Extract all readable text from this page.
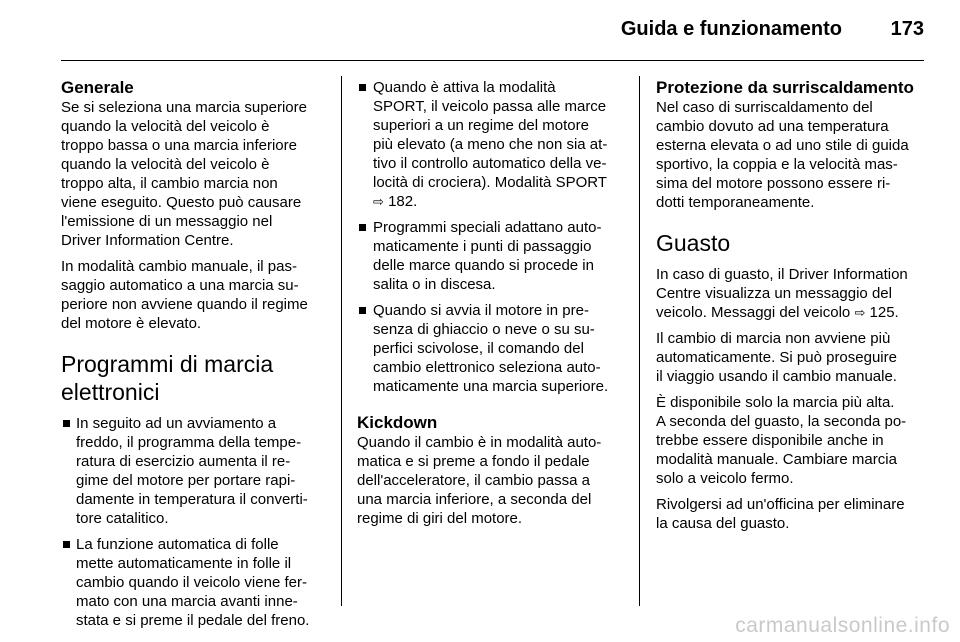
Guida e funzionamento 173
Generale

Se si seleziona una marcia superiore
quando la velocità del veicolo è
troppo bassa o una marcia inferiore
quando la velocità del veicolo è
troppo alta, il cambio marcia non
viene eseguito. Questo può causare
l'emissione di un messaggio nel
Driver Information Centre.

In modalità cambio manuale, il pas-
saggio automatico a una marcia su-
periore non avviene quando il regime
del motore è elevato.

Programmi di marcia
elettronici
In seguito ad un avviamento a
freddo, il programma della tempe-
ratura di esercizio aumenta il re-
gime del motore per portare rapi-
damente in temperatura il converti-
tore catalitico.
La funzione automatica di folle
mette automaticamente in folle il
cambio quando il veicolo viene fer-
mato con una marcia avanti inne-
stata e si preme il pedale del freno.
Quando è attiva la modalità
SPORT, il veicolo passa alle marce
superiori a un regime del motore
più elevato (a meno che non sia at-
tivo il controllo automatico della ve-
locità di crociera). Modalità SPORT
⇨ 182.
Programmi speciali adattano auto-
maticamente i punti di passaggio
delle marce quando si procede in
salita o in discesa.
Quando si avvia il motore in pre-
senza di ghiaccio o neve o su su-
perfici scivolose, il comando del
cambio elettronico seleziona auto-
maticamente una marcia superiore.
Kickdown

Quando il cambio è in modalità auto-
matica e si preme a fondo il pedale
dell'acceleratore, il cambio passa a
una marcia inferiore, a seconda del
regime di giri del motore.

Protezione da surriscaldamento

Nel caso di surriscaldamento del
cambio dovuto ad una temperatura
esterna elevata o ad uno stile di guida
sportivo, la coppia e la velocità mas-
sima del motore possono essere ri-
dotti temporaneamente.

Guasto

In caso di guasto, il Driver Information
Centre visualizza un messaggio del
veicolo. Messaggi del veicolo ⇨ 125.

Il cambio di marcia non avviene più
automaticamente. Si può proseguire
il viaggio usando il cambio manuale.

È disponibile solo la marcia più alta.
A seconda del guasto, la seconda po-
trebbe essere disponibile anche in
modalità manuale. Cambiare marcia
solo a veicolo fermo.

Rivolgersi ad un'officina per eliminare
la causa del guasto.

carmanualsonline.info
